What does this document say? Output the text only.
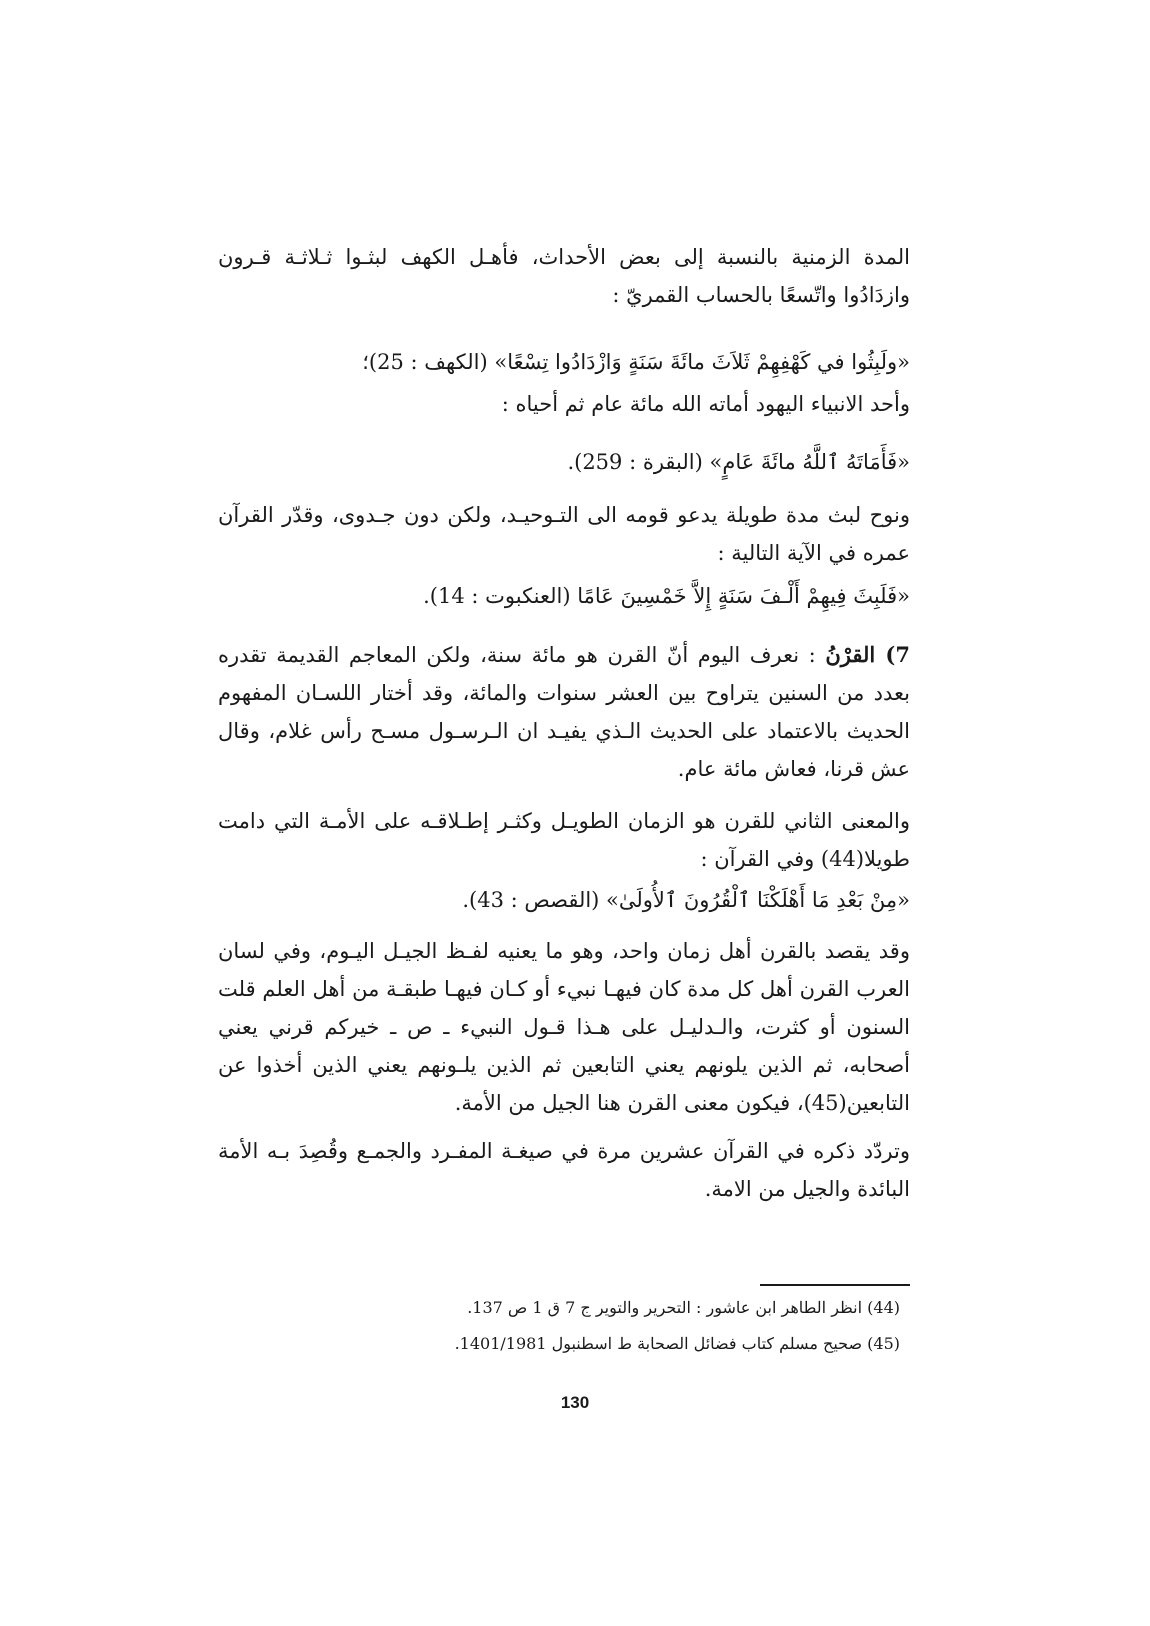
المدة الزمنية بالنسبة إلى بعض الأحداث، فأهـل الكهف لبثـوا ثـلاثـة قـرون وازدَادُوا واتّسعًا بالحساب القمريّ :

«ولَبِثُوا في كَهْفِهِمْ ثَلاَثَ مائَةَ سَنَةٍ وَازْدَادُوا تِسْعًا» (الكهف : 25)؛

وأحد الانبياء اليهود أماته الله مائة عام ثم أحياه :

«فَأَمَاتَهُ ٱللَّهُ مائَةَ عَامٍ» (البقرة : 259).

ونوح لبث مدة طويلة يدعو قومه الى التـوحيـد، ولكن دون جـدوى، وقدّر القرآن عمره في الآية التالية :

«فَلَبِثَ فِيهِمْ أَلْـفَ سَنَةٍ إِلاَّ خَمْسِينَ عَامًا (العنكبوت : 14).

7) القرْنُ : نعرف اليوم أنّ القرن هو مائة سنة، ولكن المعاجم القديمة تقدره بعدد من السنين يتراوح بين العشر سنوات والمائة، وقد أختار اللسـان المفهوم الحديث بالاعتماد على الحديث الـذي يفيـد ان الـرسـول مسـح رأس غلام، وقال عش قرنا، فعاش مائة عام.

والمعنى الثاني للقرن هو الزمان الطويـل وكثـر إطـلاقـه على الأمـة التي دامت طويلا(44) وفي القرآن :

«مِنْ بَعْدِ مَا أَهْلَكْنَا ٱلْقُرُونَ ٱلأُولَىٰ» (القصص : 43).

وقد يقصد بالقرن أهل زمان واحد، وهو ما يعنيه لفـظ الجيـل اليـوم، وفي لسان العرب القرن أهل كل مدة كان فيهـا نبيء أو كـان فيهـا طبقـة من أهل العلم قلت السنون أو كثرت، والـدليـل على هـذا قـول النبيء ـ ص ـ خيركم قرني يعني أصحابه، ثم الذين يلونهم يعني التابعين ثم الذين يلـونهم يعني الذين أخذوا عن التابعين(45)، فيكون معنى القرن هنا الجيل من الأمة.

وتردّد ذكره في القرآن عشرين مرة في صيغـة المفـرد والجمـع وقُصِدَ بـه الأمة البائدة والجيل من الامة.

(44) انظر الطاهر ابن عاشور : التحرير والتوير ج 7 ق 1 ص 137.

(45) صحيح مسلم كتاب فضائل الصحابة ط اسطنبول 1401/1981.

130
